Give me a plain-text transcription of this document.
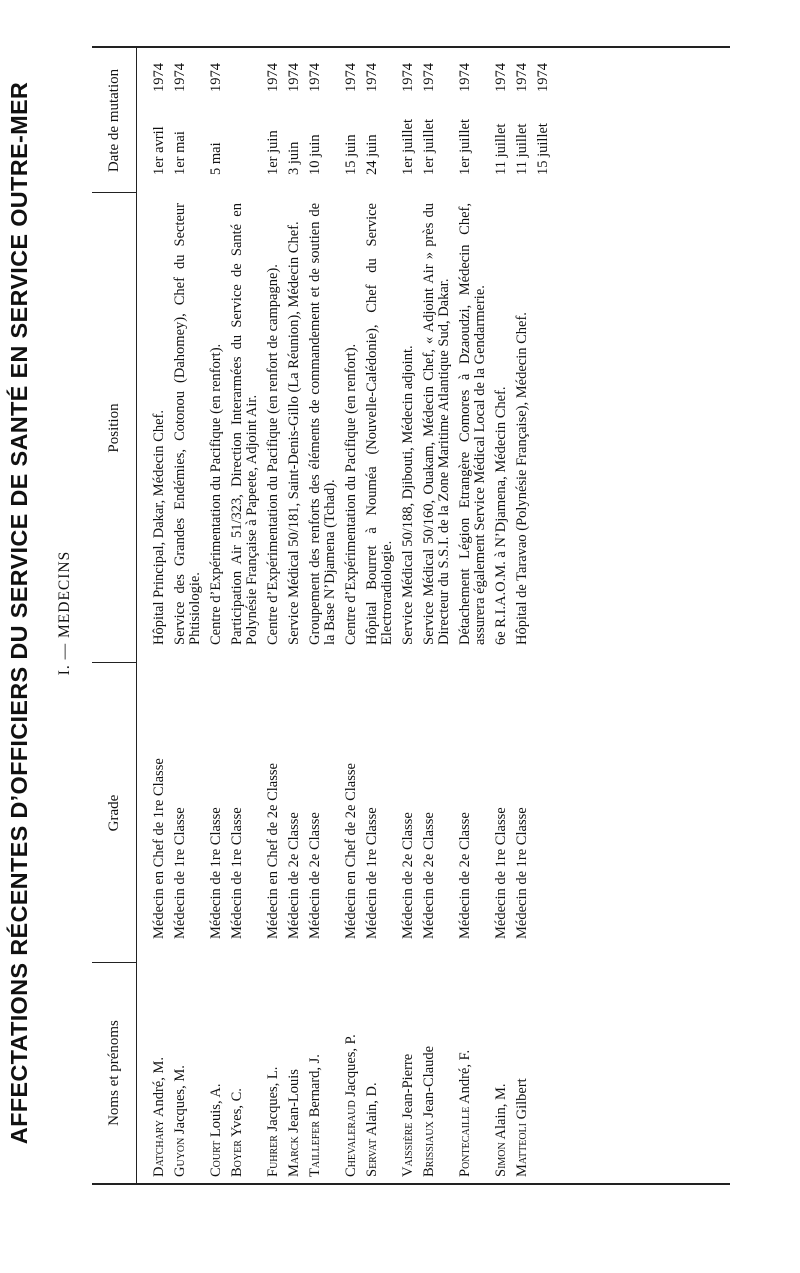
AFFECTATIONS RÉCENTES D’OFFICIERS DU SERVICE DE SANTÉ EN SERVICE OUTRE-MER I. — MEDECINS
Noms et prénoms
Grade
Position
Date de mutation
Datchary André, M.
Médecin en Chef de 1re Classe
Hôpital Principal, Dakar, Médecin Chef.
1er avril
1974
Guyon Jacques, M.
Médecin de 1re Classe
Service des Grandes Endémies, Cotonou (Dahomey), Chef du Secteur Phtisiologie.
1er mai
1974
Court Louis, A.
Médecin de 1re Classe
Centre d’Expérimentation du Pacifique (en renfort).
5 mai
1974
Boyer Yves, C.
Médecin de 1re Classe
Participation Air 51/323, Direction Interarmées du Service de Santé en Polynésie Française à Papeete, Adjoint Air.
Fuhrer Jacques, L.
Médecin en Chef de 2e Classe
Centre d’Expérimentation du Pacifique (en renfort de campagne).
1er juin
1974
Marck Jean-Louis
Médecin de 2e Classe
Service Médical 50/181, Saint-Denis-Gillo (La Réunion), Médecin Chef.
3 juin
1974
Taillefer Bernard, J.
Médecin de 2e Classe
Groupement des renforts des éléments de commandement et de soutien de la Base N’Djamena (Tchad).
10 juin
1974
Chevaleraud Jacques, P.
Médecin en Chef de 2e Classe
Centre d’Expérimentation du Pacifique (en renfort).
15 juin
1974
Servat Alain, D.
Médecin de 1re Classe
Hôpital Bourret à Nouméa (Nouvelle-Calédonie), Chef du Service Electroradiologie.
24 juin
1974
Vaissière Jean-Pierre
Médecin de 2e Classe
Service Médical 50/188, Djibouti, Médecin adjoint.
1er juillet
1974
Brissiaux Jean-Claude
Médecin de 2e Classe
Service Médical 50/160, Ouakam, Médecin Chef, « Adjoint Air » près du Directeur du S.S.I. de la Zone Maritime Atlantique Sud, Dakar.
1er juillet
1974
Pontecaille André, F.
Médecin de 2e Classe
Détachement Légion Etrangère Comores à Dzaoudzi, Médecin Chef, assurera également Service Médical Local de la Gendarmerie.
1er juillet
1974
Simon Alain, M.
Médecin de 1re Classe
6e R.I.A.O.M. à N’Djamena, Médecin Chef.
11 juillet
1974
Matteoli Gilbert
Médecin de 1re Classe
Hôpital de Taravao (Polynésie Française), Médecin Chef.
11 juillet
1974
15 juillet
1974
